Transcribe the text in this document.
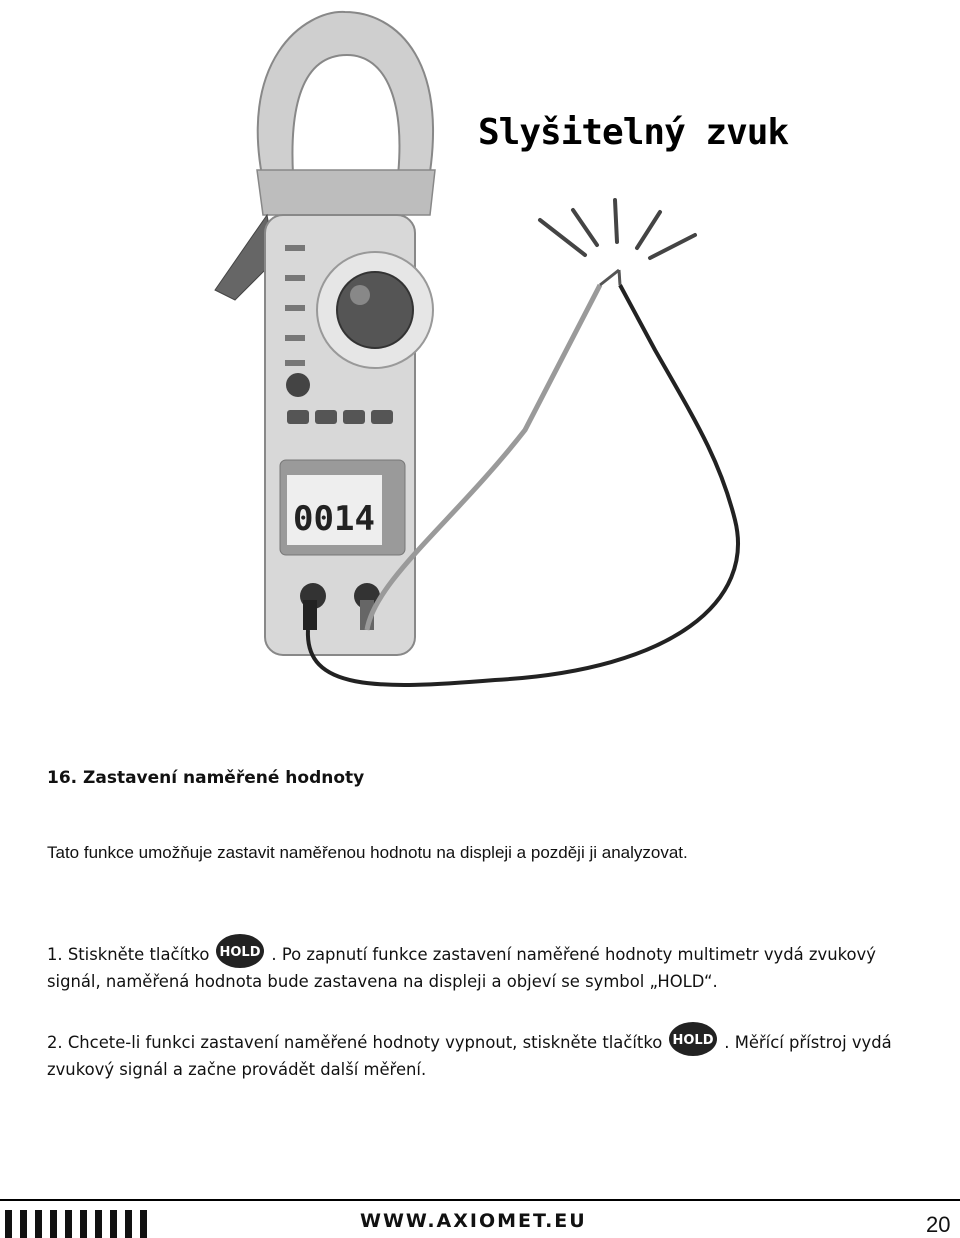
0014
Slyšitelný zvuk
16. Zastavení naměřené hodnoty
Tato funkce umožňuje zastavit naměřenou hodnotu na displeji a později ji analyzovat.
1. Stiskněte tlačítko HOLD . Po zapnutí funkce zastavení naměřené hodnoty multimetr vydá zvukový signál, naměřená hodnota bude zastavena na displeji a objeví se symbol „HOLD“.
2. Chcete-li funkci zastavení naměřené hodnoty vypnout, stiskněte tlačítko HOLD . Měřící přístroj vydá zvukový signál a začne provádět další měření.
WWW.AXIOMET.EU	20
